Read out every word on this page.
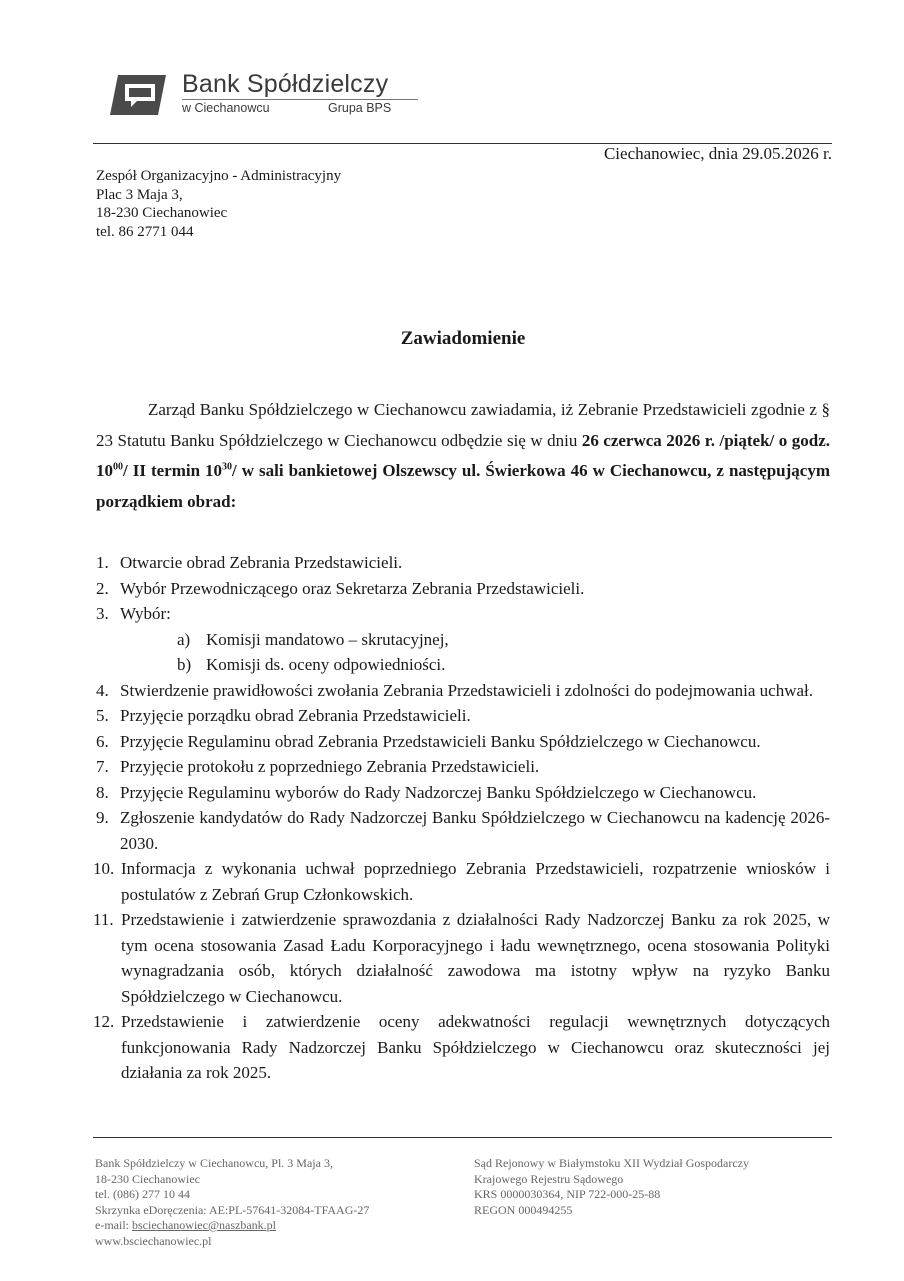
Bank Spółdzielczy
w Ciechanowcu	Grupa BPS
Ciechanowiec, dnia 29.05.2026 r.
Zespół Organizacyjno - Administracyjny
Plac 3 Maja 3,
18-230 Ciechanowiec
tel. 86 2771 044
Zawiadomienie

Zarząd Banku Spółdzielczego w Ciechanowcu zawiadamia, iż Zebranie Przedstawicieli zgodnie z § 23 Statutu Banku Spółdzielczego w Ciechanowcu odbędzie się w dniu 26 czerwca 2026 r. /piątek/ o godz. $10^{00}/$ II termin $10^{30}/$ w sali bankietowej Olszewscy ul. Świerkowa 46 w Ciechanowcu, z następującym porządkiem obrad:

1. Otwarcie obrad Zebrania Przedstawicieli.
2. Wybór Przewodniczącego oraz Sekretarza Zebrania Przedstawicieli.
3. Wybór:
a) Komisji mandatowo – skrutacyjnej,
b) Komisji ds. oceny odpowiedniości.
4. Stwierdzenie prawidłowości zwołania Zebrania Przedstawicieli i zdolności do podejmowania uchwał.
5. Przyjęcie porządku obrad Zebrania Przedstawicieli.
6. Przyjęcie Regulaminu obrad Zebrania Przedstawicieli Banku Spółdzielczego w Ciechanowcu.
7. Przyjęcie protokołu z poprzedniego Zebrania Przedstawicieli.
8. Przyjęcie Regulaminu wyborów do Rady Nadzorczej Banku Spółdzielczego w Ciechanowcu.
9. Zgłoszenie kandydatów do Rady Nadzorczej Banku Spółdzielczego w Ciechanowcu na kadencję 2026-2030.
10. Informacja z wykonania uchwał poprzedniego Zebrania Przedstawicieli, rozpatrzenie wniosków i postulatów z Zebrań Grup Członkowskich.
11. Przedstawienie i zatwierdzenie sprawozdania z działalności Rady Nadzorczej Banku za rok 2025, w tym ocena stosowania Zasad Ładu Korporacyjnego i ładu wewnętrznego, ocena stosowania Polityki wynagradzania osób, których działalność zawodowa ma istotny wpływ na ryzyko Banku Spółdzielczego w Ciechanowcu.
12. Przedstawienie i zatwierdzenie oceny adekwatności regulacji wewnętrznych dotyczących funkcjonowania Rady Nadzorczej Banku Spółdzielczego w Ciechanowcu oraz skuteczności jej działania za rok 2025.
Bank Spółdzielczy w Ciechanowcu, Pl. 3 Maja 3,
18-230 Ciechanowiec
tel. (086) 277 10 44
Skrzynka eDoręczenia: AE:PL-57641-32084-TFAAG-27
e-mail: bsciechanowiec@naszbank.pl
www.bsciechanowiec.pl
Sąd Rejonowy w Białymstoku XII Wydział Gospodarczy
Krajowego Rejestru Sądowego
KRS 0000030364, NIP 722-000-25-88
REGON 000494255
